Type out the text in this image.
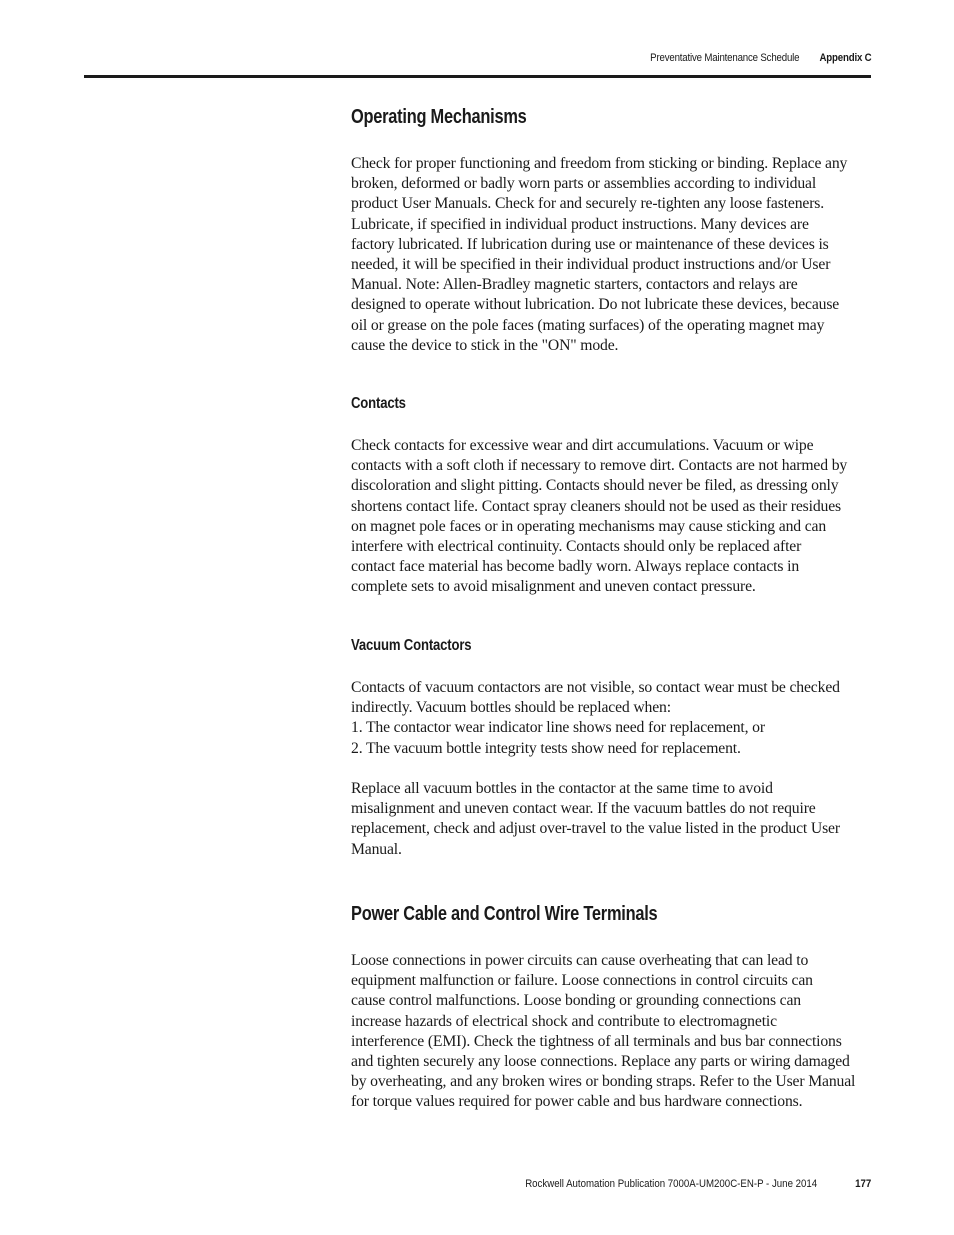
Preventative Maintenance Schedule Appendix C
Operating Mechanisms

Check for proper functioning and freedom from sticking or binding. Replace any
broken, deformed or badly worn parts or assemblies according to individual
product User Manuals. Check for and securely re-tighten any loose fasteners.
Lubricate, if specified in individual product instructions. Many devices are
factory lubricated. If lubrication during use or maintenance of these devices is
needed, it will be specified in their individual product instructions and/or User
Manual. Note: Allen-Bradley magnetic starters, contactors and relays are
designed to operate without lubrication. Do not lubricate these devices, because
oil or grease on the pole faces (mating surfaces) of the operating magnet may
cause the device to stick in the "ON" mode.

Contacts

Check contacts for excessive wear and dirt accumulations. Vacuum or wipe
contacts with a soft cloth if necessary to remove dirt. Contacts are not harmed by
discoloration and slight pitting. Contacts should never be filed, as dressing only
shortens contact life. Contact spray cleaners should not be used as their residues
on magnet pole faces or in operating mechanisms may cause sticking and can
interfere with electrical continuity. Contacts should only be replaced after
contact face material has become badly worn. Always replace contacts in
complete sets to avoid misalignment and uneven contact pressure.

Vacuum Contactors

Contacts of vacuum contactors are not visible, so contact wear must be checked
indirectly. Vacuum bottles should be replaced when:
1. The contactor wear indicator line shows need for replacement, or
2. The vacuum bottle integrity tests show need for replacement.

Replace all vacuum bottles in the contactor at the same time to avoid
misalignment and uneven contact wear. If the vacuum battles do not require
replacement, check and adjust over-travel to the value listed in the product User
Manual.

Power Cable and Control Wire Terminals

Loose connections in power circuits can cause overheating that can lead to
equipment malfunction or failure. Loose connections in control circuits can
cause control malfunctions. Loose bonding or grounding connections can
increase hazards of electrical shock and contribute to electromagnetic
interference (EMI). Check the tightness of all terminals and bus bar connections
and tighten securely any loose connections. Replace any parts or wiring damaged
by overheating, and any broken wires or bonding straps. Refer to the User Manual
for torque values required for power cable and bus hardware connections.

Rockwell Automation Publication 7000A-UM200C-EN-P - June 2014	177
